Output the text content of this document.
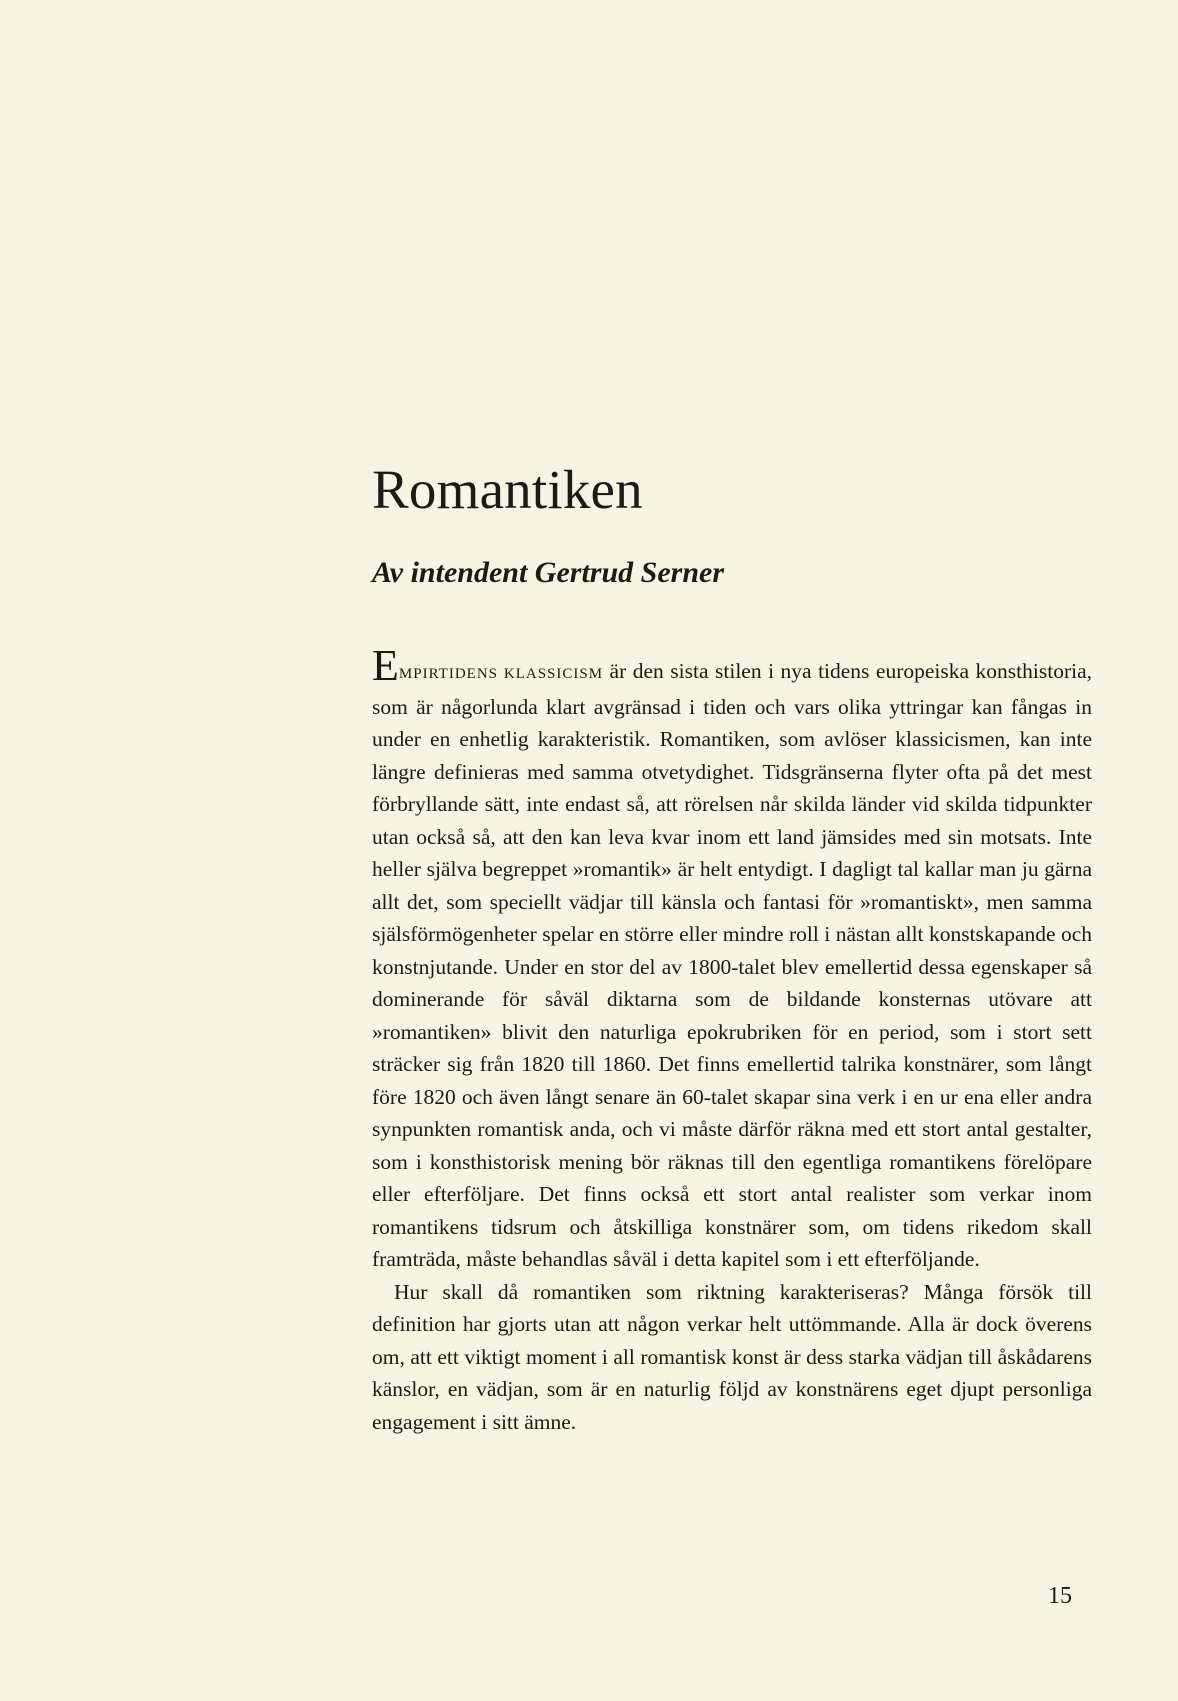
Romantiken
Av intendent Gertrud Serner

EMPIRTIDENS KLASSICISM är den sista stilen i nya tidens europeiska konsthistoria, som är någorlunda klart avgränsad i tiden och vars olika yttringar kan fångas in under en enhetlig karakteristik. Romantiken, som avlöser klassicismen, kan inte längre definieras med samma otvetydighet. Tidsgränserna flyter ofta på det mest förbryllande sätt, inte endast så, att rörelsen når skilda länder vid skilda tidpunkter utan också så, att den kan leva kvar inom ett land jämsides med sin motsats. Inte heller själva begreppet »romantik» är helt entydigt. I dagligt tal kallar man ju gärna allt det, som speciellt vädjar till känsla och fantasi för »romantiskt», men samma själsförmögenheter spelar en större eller mindre roll i nästan allt konstskapande och konstnjutande. Under en stor del av 1800-talet blev emellertid dessa egenskaper så dominerande för såväl diktarna som de bildande konsternas utövare att »romantiken» blivit den naturliga epokrubriken för en period, som i stort sett sträcker sig från 1820 till 1860. Det finns emellertid talrika konstnärer, som långt före 1820 och även långt senare än 60-talet skapar sina verk i en ur ena eller andra synpunkten romantisk anda, och vi måste därför räkna med ett stort antal gestalter, som i konsthistorisk mening bör räknas till den egentliga romantikens förelöpare eller efterföljare. Det finns också ett stort antal realister som verkar inom romantikens tidsrum och åtskilliga konstnärer som, om tidens rikedom skall framträda, måste behandlas såväl i detta kapitel som i ett efterföljande.

Hur skall då romantiken som riktning karakteriseras? Många försök till definition har gjorts utan att någon verkar helt uttömmande. Alla är dock överens om, att ett viktigt moment i all romantisk konst är dess starka vädjan till åskådarens känslor, en vädjan, som är en naturlig följd av konstnärens eget djupt personliga engagement i sitt ämne.

15
